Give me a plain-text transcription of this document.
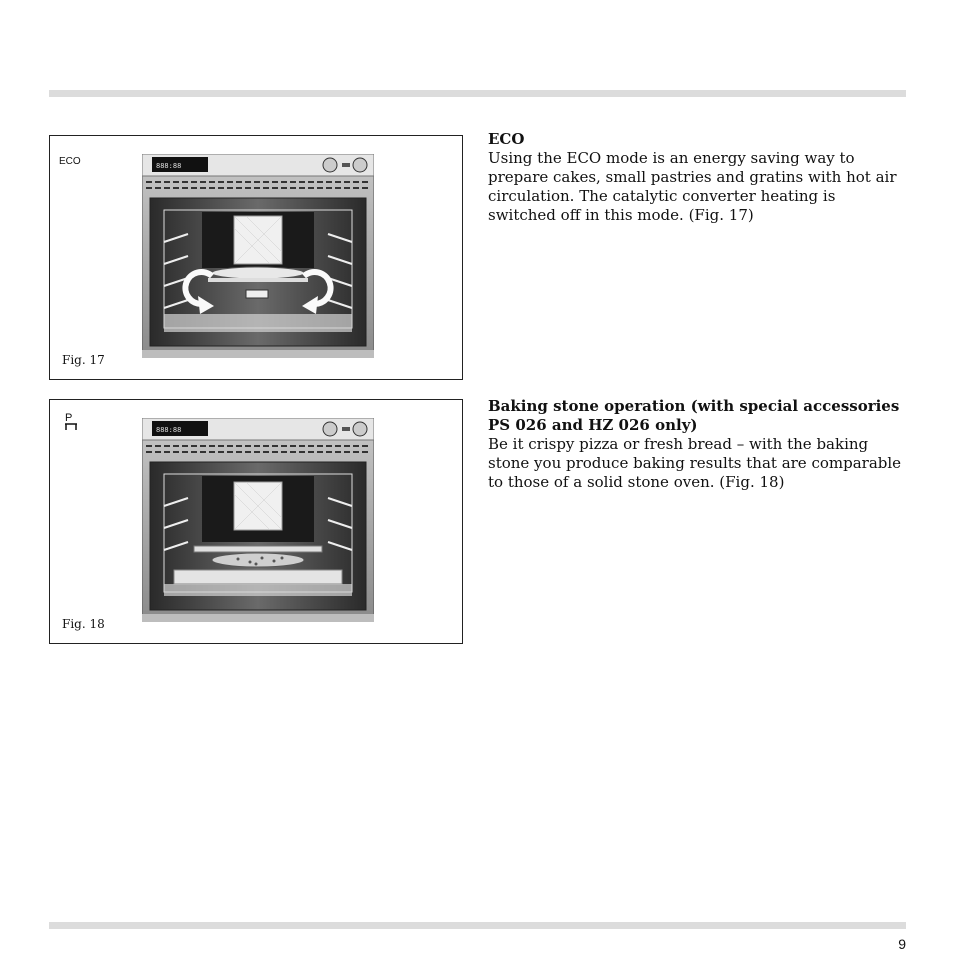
ECO	888:88
Fig. 17
P
888:88
Fig. 18
ECO
Using the ECO mode is an energy saving way to prepare cakes, small pastries and gratins with hot air circulation. The catalytic converter heating is switched off in this mode. (Fig. 17)
Baking stone operation (with special accessories PS 026 and HZ 026 only)
Be it crispy pizza or fresh bread – with the baking stone you produce baking results that are comparable to those of a solid stone oven. (Fig. 18)
9
